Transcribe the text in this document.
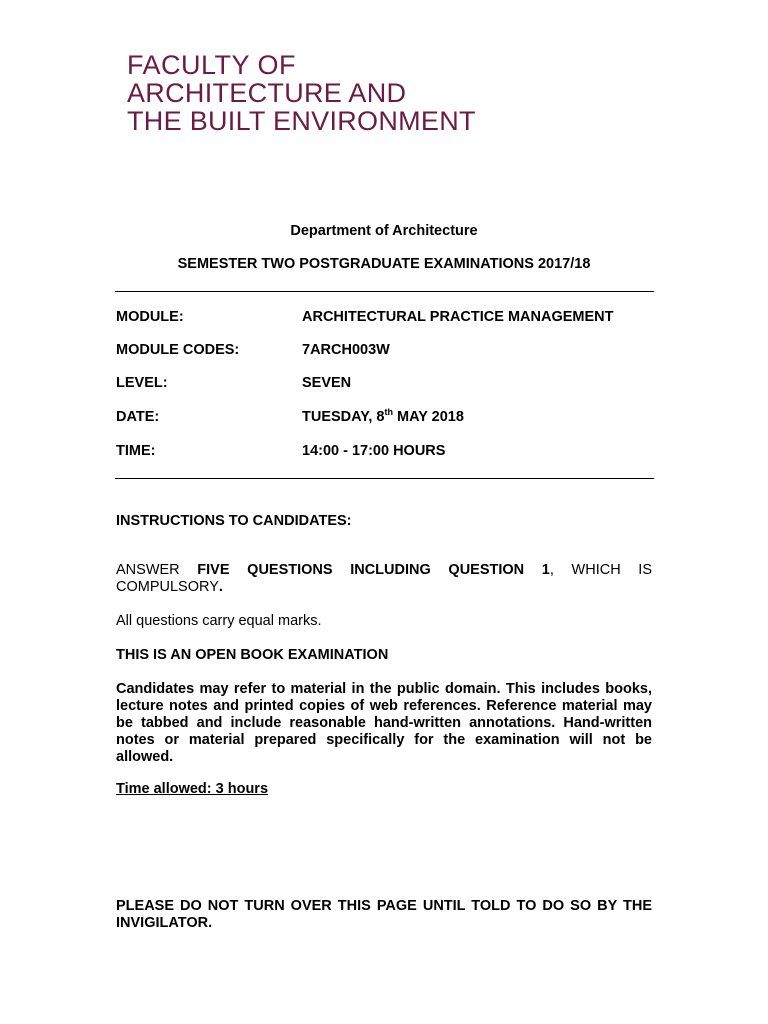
FACULTY OF
ARCHITECTURE AND
THE BUILT ENVIRONMENT
Department of Architecture
SEMESTER TWO POSTGRADUATE EXAMINATIONS 2017/18
MODULE:	ARCHITECTURAL PRACTICE MANAGEMENT
MODULE CODES:	7ARCH003W
LEVEL:	SEVEN
DATE:	TUESDAY, 8th MAY 2018
TIME:	14:00 - 17:00 HOURS
INSTRUCTIONS TO CANDIDATES:
ANSWER FIVE QUESTIONS INCLUDING QUESTION 1, WHICH IS COMPULSORY.
All questions carry equal marks.
THIS IS AN OPEN BOOK EXAMINATION
Candidates may refer to material in the public domain. This includes books, lecture notes and printed copies of web references. Reference material may be tabbed and include reasonable hand-written annotations. Hand-written notes or material prepared specifically for the examination will not be allowed.
Time allowed: 3 hours
PLEASE DO NOT TURN OVER THIS PAGE UNTIL TOLD TO DO SO BY THE INVIGILATOR.
